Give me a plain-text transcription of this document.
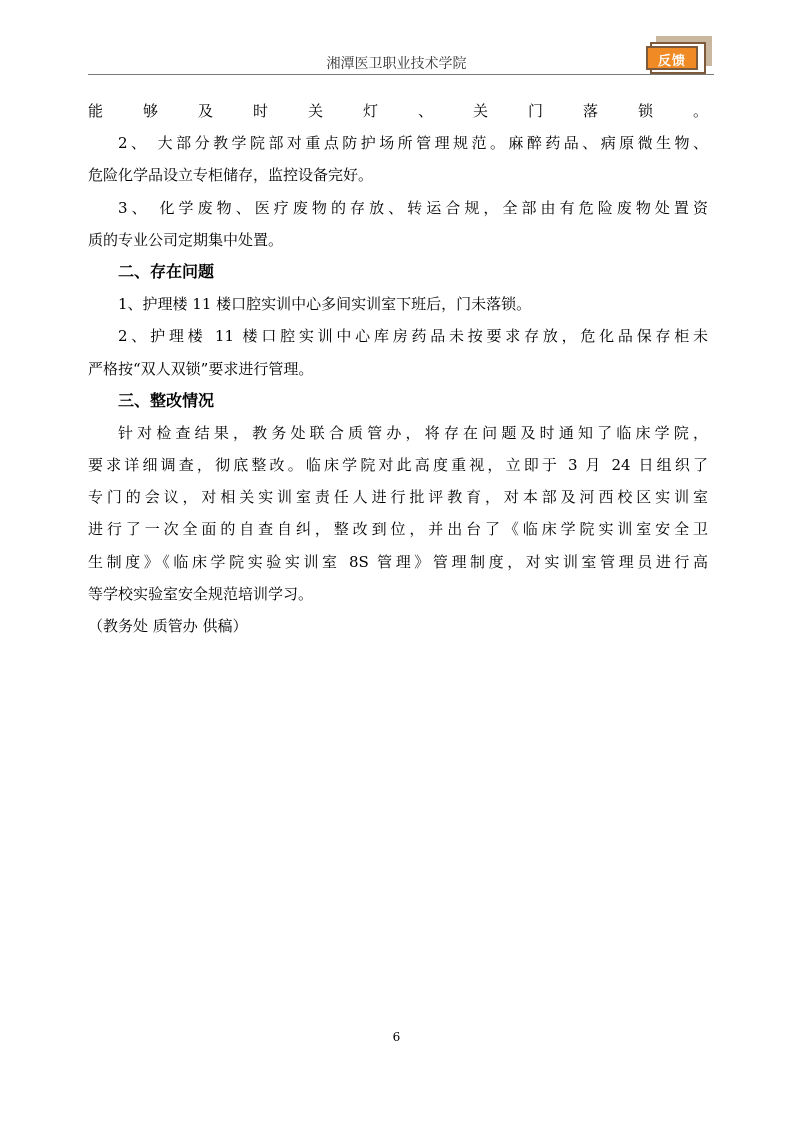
湘潭医卫职业技术学院	反馈
能够及时关灯、关门落锁。
2、 大部分教学院部对重点防护场所管理规范。麻醉药品、病原微生物、
危险化学品设立专柜储存，监控设备完好。
3、 化学废物、医疗废物的存放、转运合规，全部由有危险废物处置资
质的专业公司定期集中处置。
二、存在问题
1、护理楼 11 楼口腔实训中心多间实训室下班后，门未落锁。
2、护理楼 11 楼口腔实训中心库房药品未按要求存放，危化品保存柜未
严格按“双人双锁”要求进行管理。
三、整改情况
针对检查结果，教务处联合质管办，将存在问题及时通知了临床学院，
要求详细调查，彻底整改。临床学院对此高度重视，立即于 3 月 24 日组织了
专门的会议，对相关实训室责任人进行批评教育，对本部及河西校区实训室
进行了一次全面的自查自纠，整改到位，并出台了《临床学院实训室安全卫
生制度》《临床学院实验实训室 8S 管理》管理制度，对实训室管理员进行高
等学校实验室安全规范培训学习。
（教务处 质管办 供稿）
6
